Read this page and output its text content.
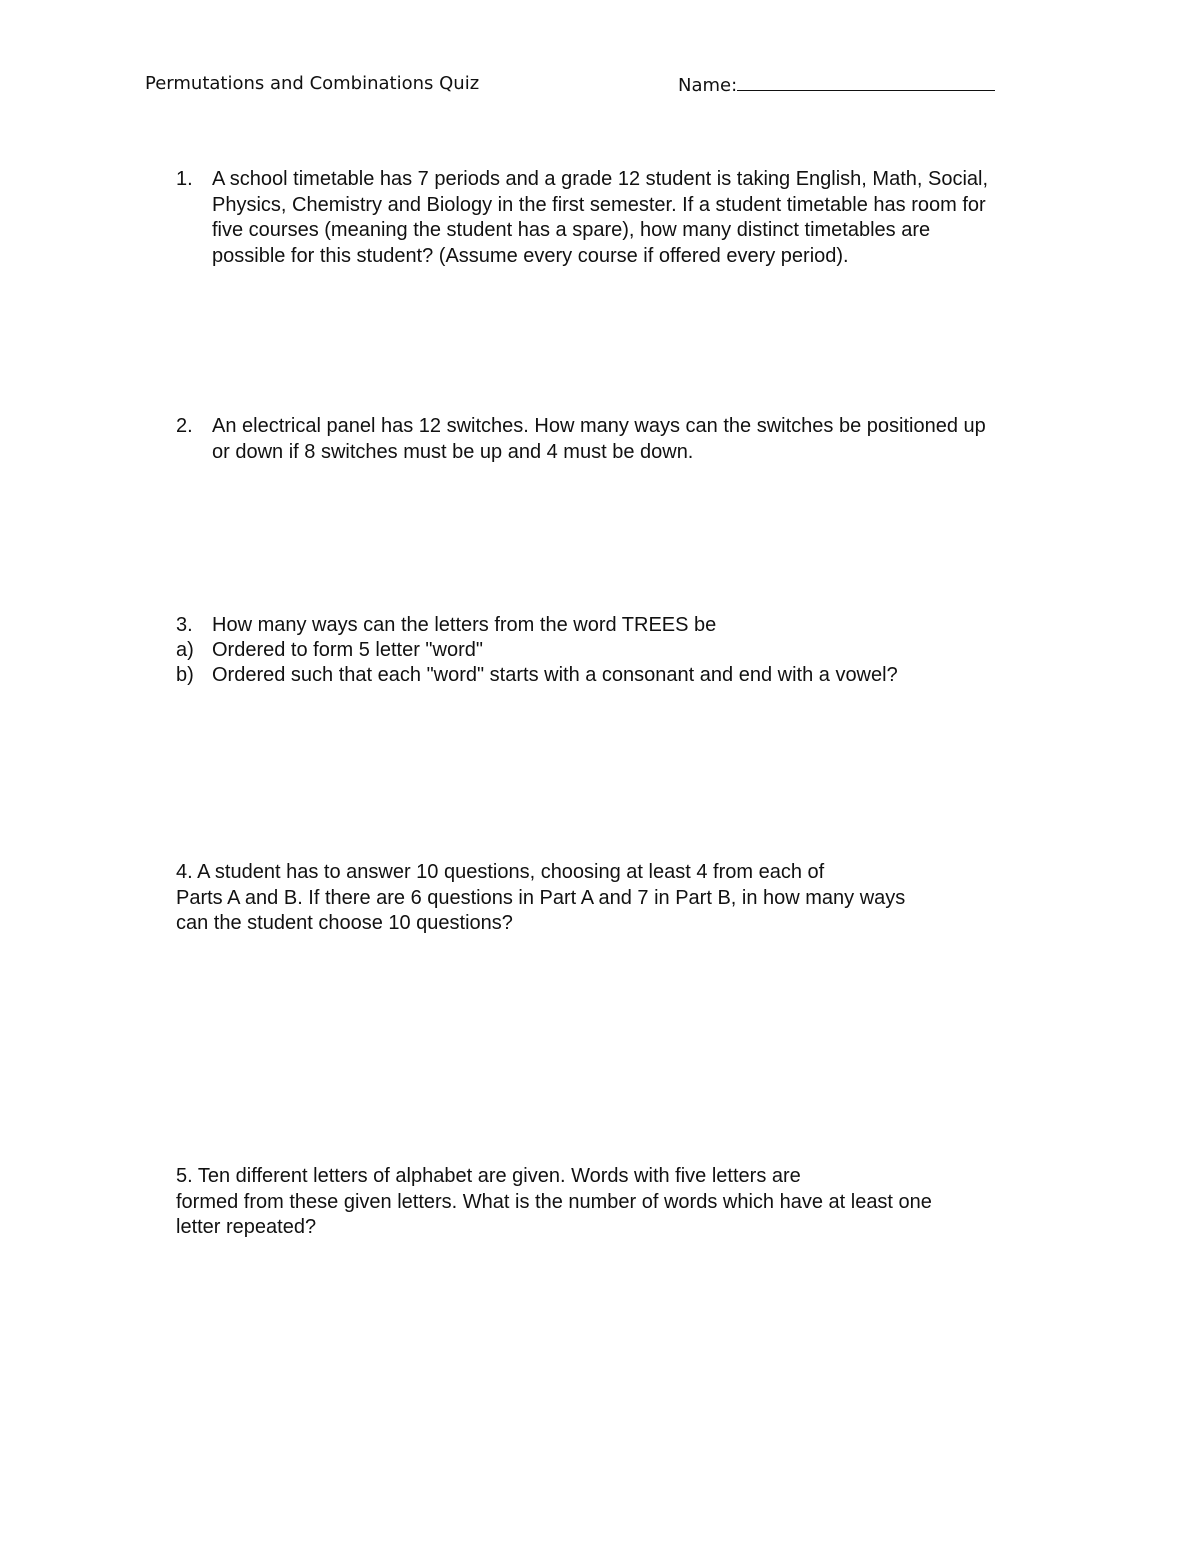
Permutations and Combinations Quiz	Name:
1. A school timetable has 7 periods and a grade 12 student is taking English, Math, Social,
Physics, Chemistry and Biology in the first semester. If a student timetable has room for
five courses (meaning the student has a spare), how many distinct timetables are
possible for this student? (Assume every course if offered every period).
2. An electrical panel has 12 switches. How many ways can the switches be positioned up
or down if 8 switches must be up and 4 must be down.
3. How many ways can the letters from the word TREES be
a) Ordered to form 5 letter "word"
b) Ordered such that each "word" starts with a consonant and end with a vowel?
4. A student has to answer 10 questions, choosing at least 4 from each of
Parts A and B. If there are 6 questions in Part A and 7 in Part B, in how many ways
can the student choose 10 questions?
5. Ten different letters of alphabet are given. Words with five letters are
formed from these given letters. What is the number of words which have at least one
letter repeated?
